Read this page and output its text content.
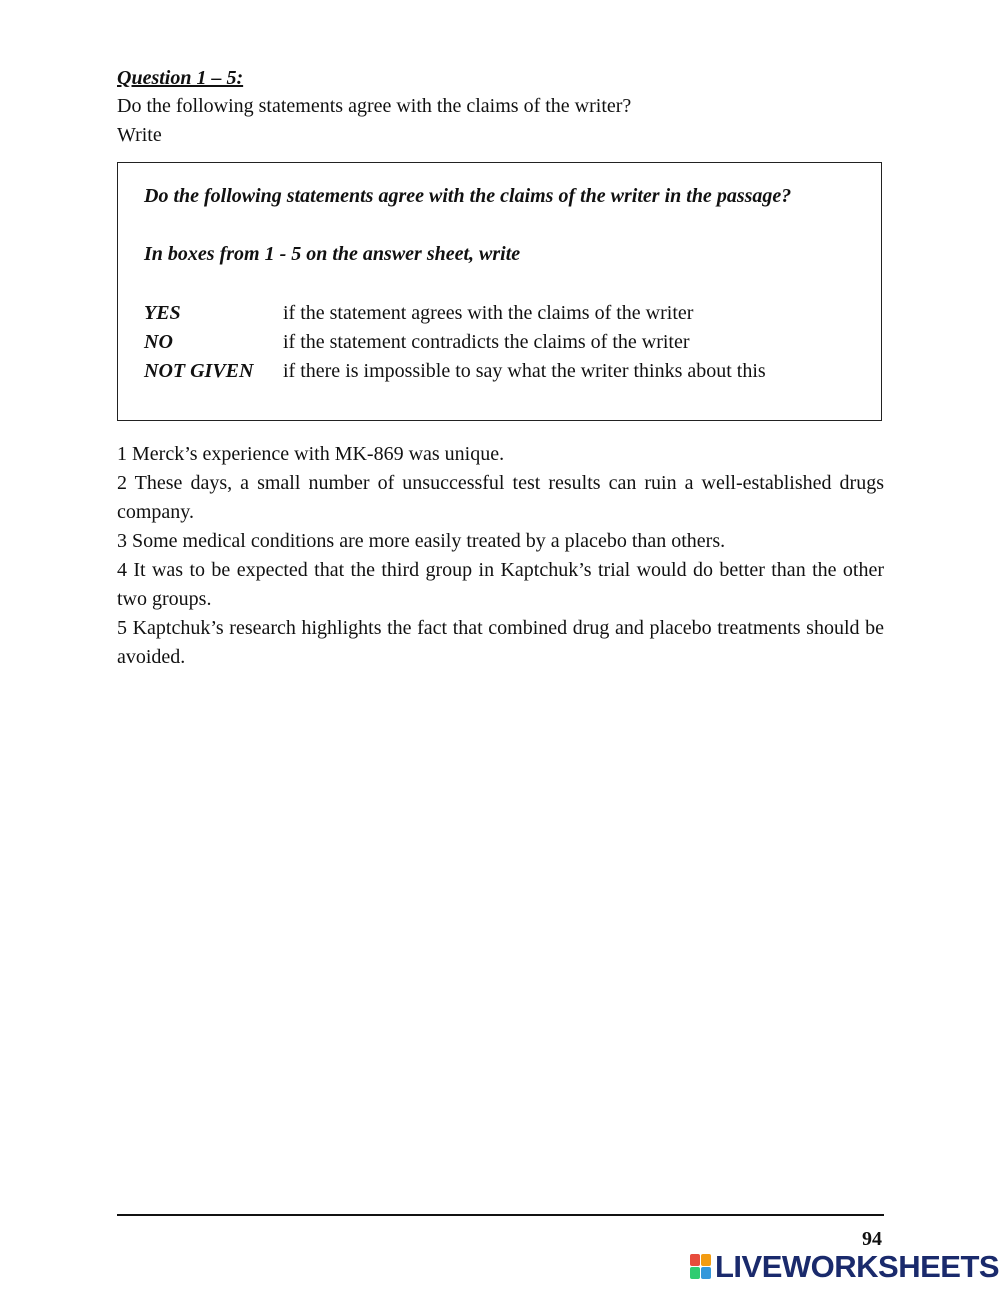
Question 1 – 5:
Do the following statements agree with the claims of the writer?
Write
Do the following statements agree with the claims of the writer in the passage?
In boxes from 1 - 5 on the answer sheet, write
YES	if the statement agrees with the claims of the writer
NO	if the statement contradicts the claims of the writer
NOT GIVEN if there is impossible to say what the writer thinks about this

1 Merck’s experience with MK-869 was unique.

2 These days, a small number of unsuccessful test results can ruin a well-established drugs company.

3 Some medical conditions are more easily treated by a placebo than others.

4 It was to be expected that the third group in Kaptchuk’s trial would do better than the other two groups.

5 Kaptchuk’s research highlights the fact that combined drug and placebo treatments should be avoided.

94
LIVEWORKSHEETS
